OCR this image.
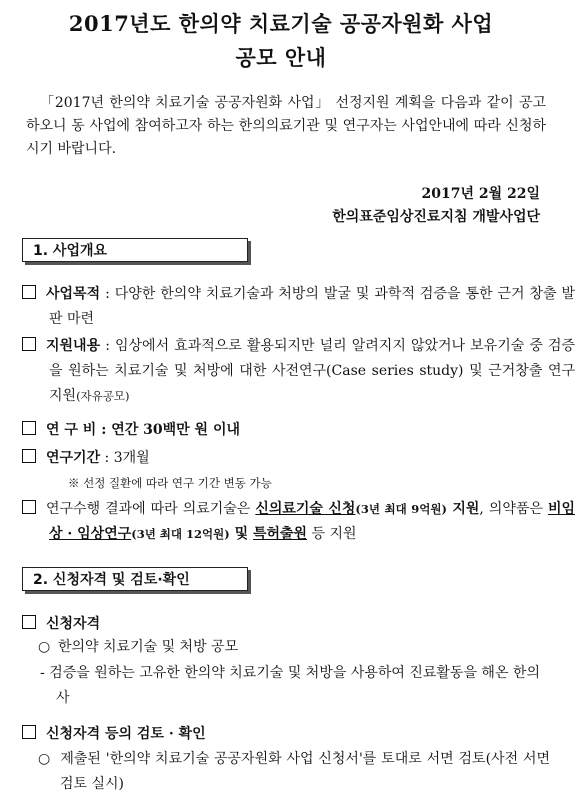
2017년도 한의약 치료기술 공공자원화 사업
공모 안내
「2017년 한의약 치료기술 공공자원화 사업」 선정지원 계획을 다음과 같이 공고하오니 동 사업에 참여하고자 하는 한의의료기관 및 연구자는 사업안내에 따라 신청하시기 바랍니다.
2017년 2월 22일
한의표준임상진료지침 개발사업단
1. 사업개요
사업목적 : 다양한 한의약 치료기술과 처방의 발굴 및 과학적 검증을 통한 근거 창출 발판 마련
지원내용 : 임상에서 효과적으로 활용되지만 널리 알려지지 않았거나 보유기술 중 검증을 원하는 치료기술 및 처방에 대한 사전연구(Case series study) 및 근거창출 연구 지원(자유공모)
연 구 비 : 연간 30백만 원 이내
연구기간 : 3개월
※ 선정 질환에 따라 연구 기간 변동 가능
연구수행 결과에 따라 의료기술은 신의료기술 신청(3년 최대 9억원) 지원, 의약품은 비임상 · 임상연구(3년 최대 12억원) 및 특허출원 등 지원
2. 신청자격 및 검토·확인
신청자격
○ 한의약 치료기술 및 처방 공모
- 검증을 원하는 고유한 한의약 치료기술 및 처방을 사용하여 진료활동을 해온 한의사
신청자격 등의 검토 · 확인
○  제출된 '한의약 치료기술 공공자원화 사업 신청서'를 토대로 서면 검토(사전 서면검토 실시)
